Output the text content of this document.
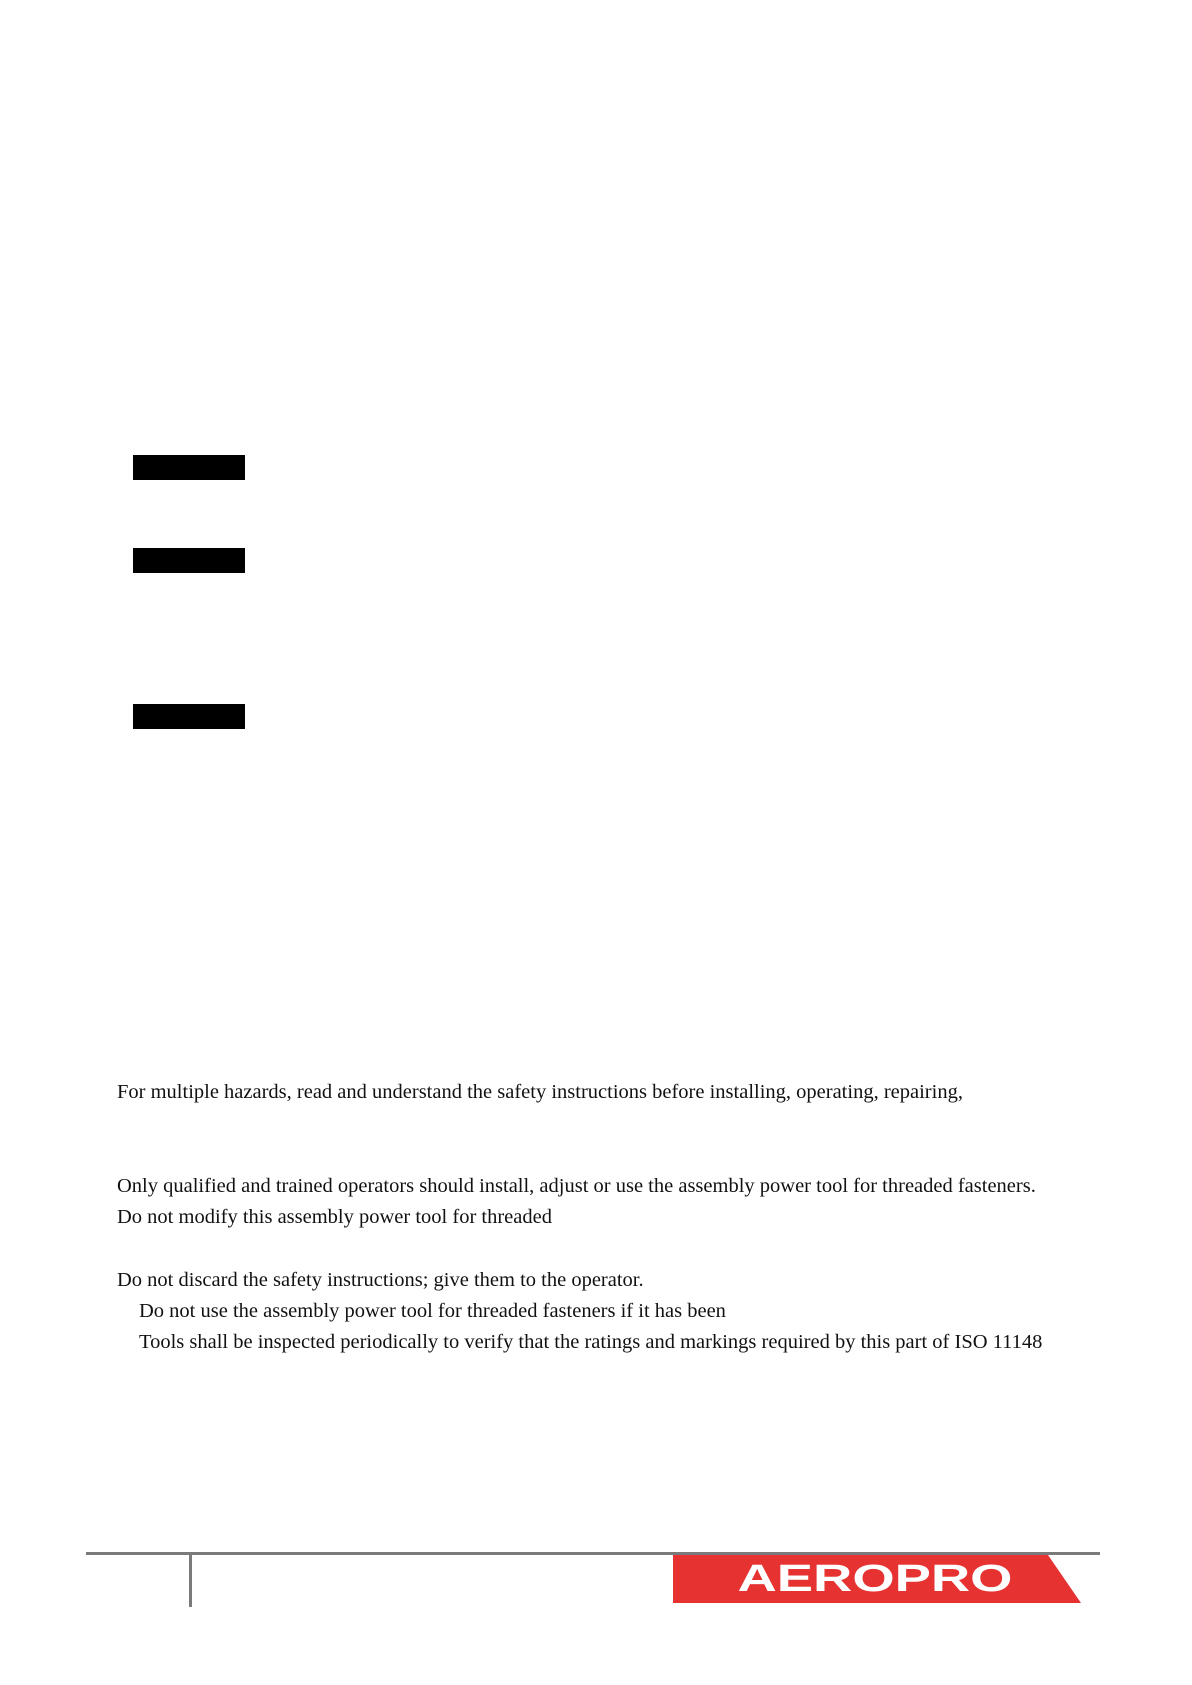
For multiple hazards, read and understand the safety instructions before installing, operating, repairing,
Only qualified and trained operators should install, adjust or use the assembly power tool for threaded fasteners.
Do not modify this assembly power tool for threaded
Do not discard the safety instructions; give them to the operator.
Do not use the assembly power tool for threaded fasteners if it has been
Tools shall be inspected periodically to verify that the ratings and markings required by this part of ISO 11148
AEROPRO
